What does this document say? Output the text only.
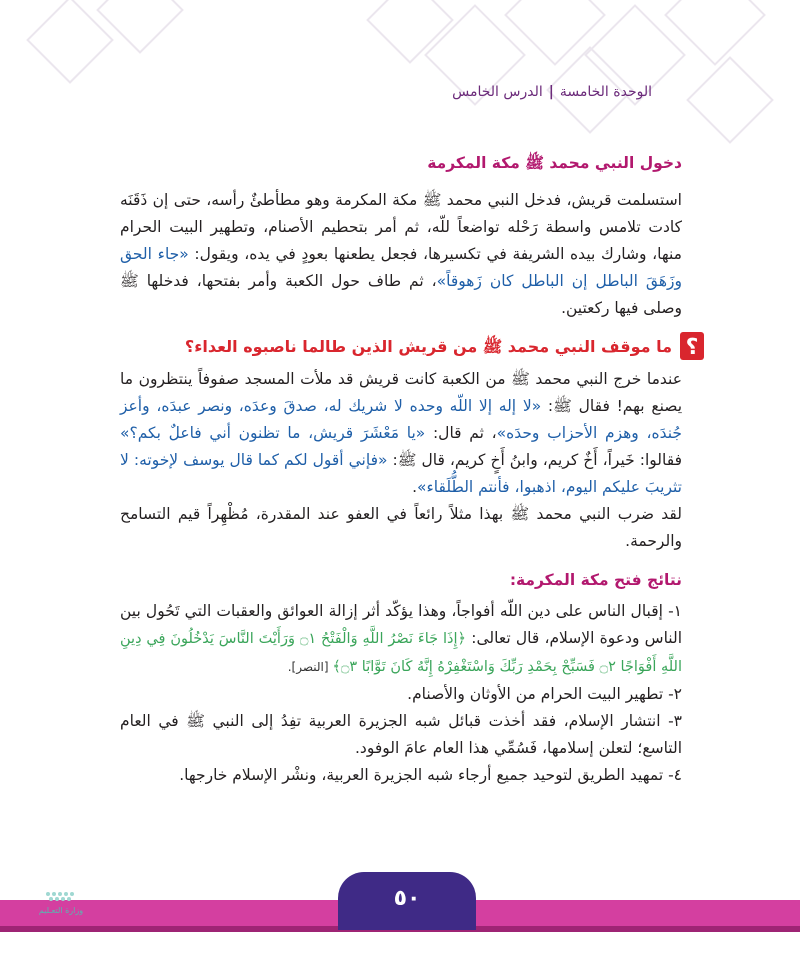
الوحدة الخامسة
|
الدرس الخامس
دخول النبي محمد ﷺ مكة المكرمة

استسلمت قريش، فدخل النبي محمد ﷺ مكة المكرمة وهو مطأطئٌ رأسه، حتى إن ذَقَنَه كادت تلامس واسطة رَحْله تواضعاً للّه، ثم أمر بتحطيم الأصنام، وتطهير البيت الحرام منها، وشارك بيده الشريفة في تكسيرها، فجعل يطعنها بعودٍ في يده، ويقول: «جاء الحق وزَهَقَ الباطل إن الباطل كان زَهوقاً»، ثم طاف حول الكعبة وأمر بفتحها، فدخلها ﷺ وصلى فيها ركعتين.

؟
ما موقف النبي محمد ﷺ من قريش الذين طالما ناصبوه العداء؟

عندما خرج النبي محمد ﷺ من الكعبة كانت قريش قد ملأت المسجد صفوفاً ينتظرون ما يصنع بهم! فقال ﷺ: «لا إله إلا اللّه وحده لا شريك له، صدقَ وعدَه، ونصر عبدَه، وأعز جُندَه، وهزم الأحزاب وحدَه»، ثم قال: «يا مَعْشَرَ قريش، ما تظنون أني فاعلٌ بكم؟» فقالوا: خَيراً، أَخٌ كريم، وابنُ أَخٍ كريم، قال ﷺ: «فإني أقول لكم كما قال يوسف لإخوته: لا تثريبَ عليكم اليوم، اذهبوا، فأنتم الطُّلَقاء».

لقد ضرب النبي محمد ﷺ بهذا مثلاً رائعاً في العفو عند المقدرة، مُظْهِراً قيم التسامح والرحمة.

نتائج فتح مكة المكرمة:

١- إقبال الناس على دين اللّه أفواجاً، وهذا يؤكّد أثر إزالة العوائق والعقبات التي تَحُول بين الناس ودعوة الإسلام، قال تعالى: ﴿إِذَا جَاءَ نَصْرُ اللَّهِ وَالْفَتْحُ ۝١ وَرَأَيْتَ النَّاسَ يَدْخُلُونَ فِي دِينِ اللَّهِ أَفْوَاجًا ۝٢ فَسَبِّحْ بِحَمْدِ رَبِّكَ وَاسْتَغْفِرْهُ إِنَّهُ كَانَ تَوَّابًا ۝٣﴾ [النصر].

٢- تطهير البيت الحرام من الأوثان والأصنام.

٣- انتشار الإسلام، فقد أخذت قبائل شبه الجزيرة العربية تفِدُ إلى النبي ﷺ في العام التاسع؛ لتعلن إسلامها، فَسُمِّي هذا العام عامَ الوفود.

٤- تمهيد الطريق لتوحيد جميع أرجاء شبه الجزيرة العربية، ونشْر الإسلام خارجها.

٥٠
وزارة التعـليم
